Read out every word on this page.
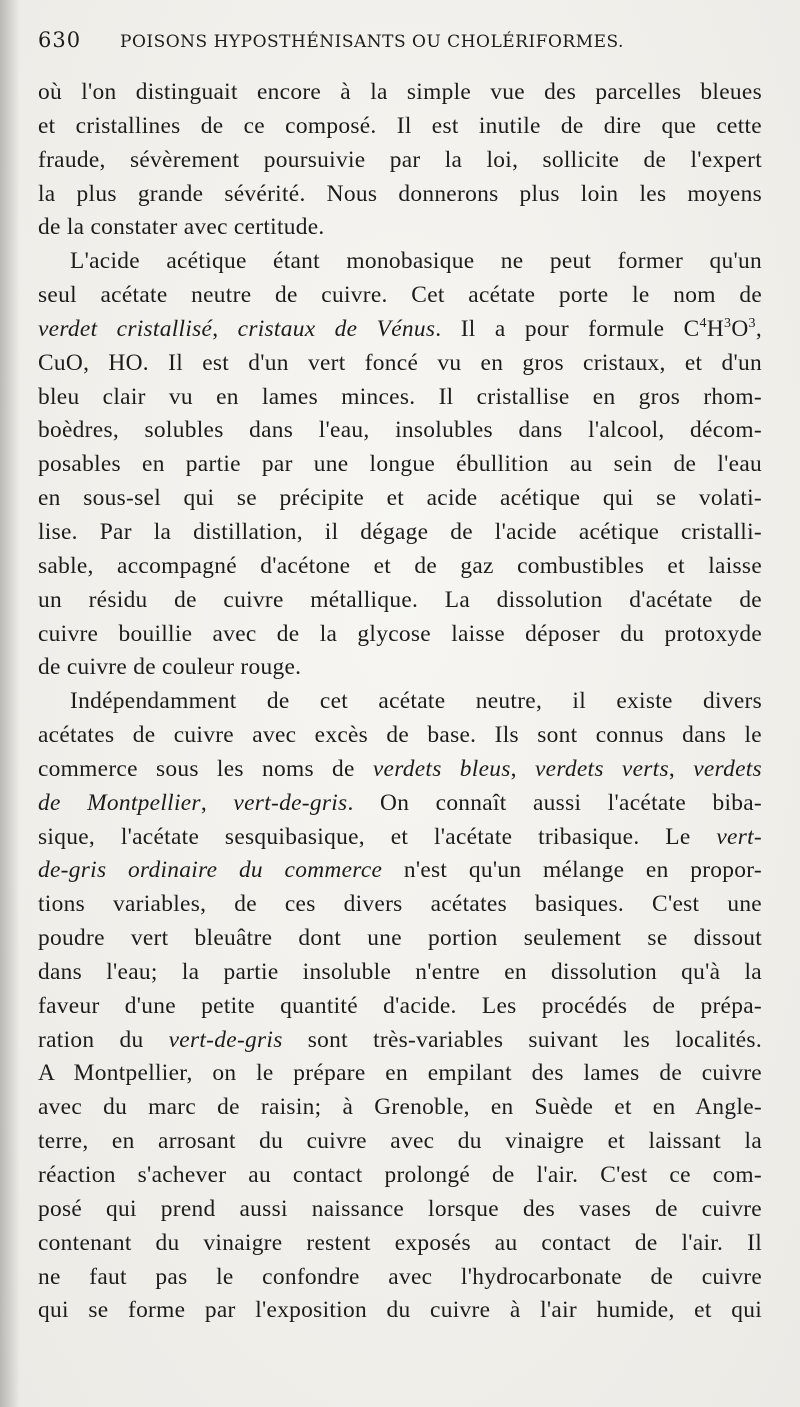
630	POISONS HYPOSTHÉNISANTS OU CHOLÉRIFORMES.
où l'on distinguait encore à la simple vue des parcelles bleues
et cristallines de ce composé. Il est inutile de dire que cette
fraude, sévèrement poursuivie par la loi, sollicite de l'expert
la plus grande sévérité. Nous donnerons plus loin les moyens
de la constater avec certitude.
L'acide acétique étant monobasique ne peut former qu'un
seul acétate neutre de cuivre. Cet acétate porte le nom de
verdet cristallisé, cristaux de Vénus. Il a pour formule $C^4H^3O^3$,
CuO, HO. Il est d'un vert foncé vu en gros cristaux, et d'un
bleu clair vu en lames minces. Il cristallise en gros rhom-
boèdres, solubles dans l'eau, insolubles dans l'alcool, décom-
posables en partie par une longue ébullition au sein de l'eau
en sous-sel qui se précipite et acide acétique qui se volati-
lise. Par la distillation, il dégage de l'acide acétique cristalli-
sable, accompagné d'acétone et de gaz combustibles et laisse
un résidu de cuivre métallique. La dissolution d'acétate de
cuivre bouillie avec de la glycose laisse déposer du protoxyde
de cuivre de couleur rouge.
Indépendamment de cet acétate neutre, il existe divers
acétates de cuivre avec excès de base. Ils sont connus dans le
commerce sous les noms de verdets bleus, verdets verts, verdets
de Montpellier, vert-de-gris. On connaît aussi l'acétate biba-
sique, l'acétate sesquibasique, et l'acétate tribasique. Le vert-
de-gris ordinaire du commerce n'est qu'un mélange en propor-
tions variables, de ces divers acétates basiques. C'est une
poudre vert bleuâtre dont une portion seulement se dissout
dans l'eau; la partie insoluble n'entre en dissolution qu'à la
faveur d'une petite quantité d'acide. Les procédés de prépa-
ration du vert-de-gris sont très-variables suivant les localités.
A Montpellier, on le prépare en empilant des lames de cuivre
avec du marc de raisin; à Grenoble, en Suède et en Angle-
terre, en arrosant du cuivre avec du vinaigre et laissant la
réaction s'achever au contact prolongé de l'air. C'est ce com-
posé qui prend aussi naissance lorsque des vases de cuivre
contenant du vinaigre restent exposés au contact de l'air. Il
ne faut pas le confondre avec l'hydrocarbonate de cuivre
qui se forme par l'exposition du cuivre à l'air humide, et qui
